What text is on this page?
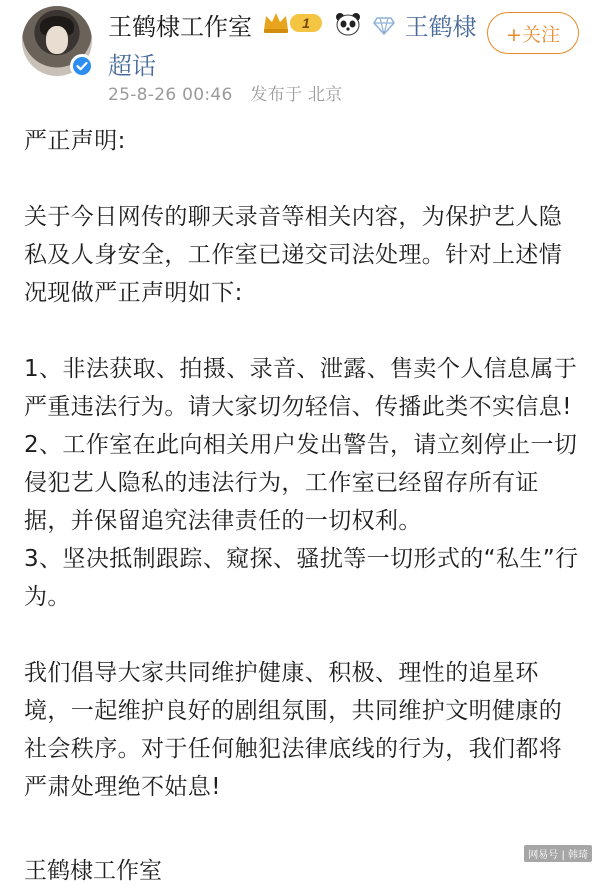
王鹤棣工作室	1	王鹤棣超话
+关注
25-8-26 00:46 发布于 北京

严正声明:

关于今日网传的聊天录音等相关内容，为保护艺人隐私及人身安全，工作室已递交司法处理。针对上述情况现做严正声明如下:

1、非法获取、拍摄、录音、泄露、售卖个人信息属于严重违法行为。请大家切勿轻信、传播此类不实信息!

2、工作室在此向相关用户发出警告，请立刻停止一切侵犯艺人隐私的违法行为，工作室已经留存所有证据，并保留追究法律责任的一切权利。

3、坚决抵制跟踪、窥探、骚扰等一切形式的“私生”行为。

我们倡导大家共同维护健康、积极、理性的追星环境，一起维护良好的剧组氛围，共同维护文明健康的社会秩序。对于任何触犯法律底线的行为，我们都将严肃处理绝不姑息!

王鹤棣工作室
网易号 | 韩琦
